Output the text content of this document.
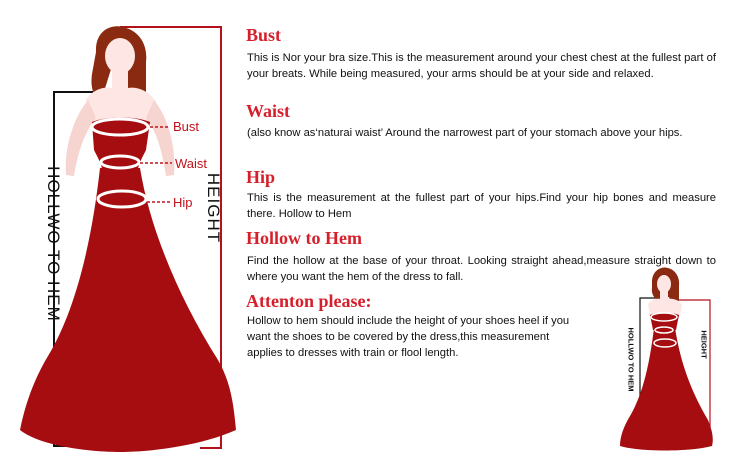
HEIGHT
HOLLWO TO HEM
Bust
Waist
Hip
HEIGHT
HOLLWO TO HEM
Bust

This is Nor your bra size.This is the measurement around your chest chest at the fullest part of your breats. While being measured, your arms should be at your side and relaxed.

Waist

(also know as‘naturai waist’ Around the narrowest part of your stomach above your hips.

Hip

This is the measurement at the fullest part of your hips.Find your hip bones and measure there. Hollow to Hem

Hollow to Hem

Find the hollow at the base of your throat. Looking straight ahead,measure straight down to where you want the hem of the dress to fall.

Attenton please:

Hollow to hem should include the height of your shoes heel if you want the shoes to be covered by the dress,this measurement applies to dresses with train or flool length.
